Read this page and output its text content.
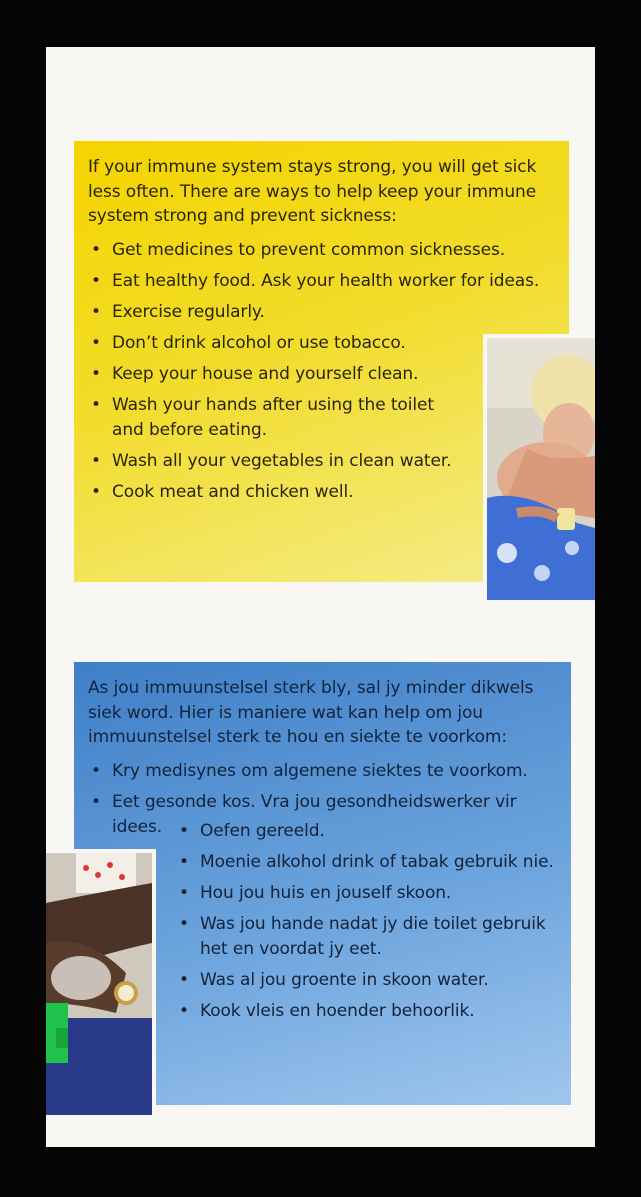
If your immune system stays strong, you will get sick less often. There are ways to help keep your immune system strong and prevent sickness:
• Get medicines to prevent common sicknesses.
• Eat healthy food. Ask your health worker for ideas.
• Exercise regularly.
• Don’t drink alcohol or use tobacco.
• Keep your house and yourself clean.
• Wash your hands after using the toilet and before eating.
• Wash all your vegetables in clean water.
• Cook meat and chicken well.
As jou immuunstelsel sterk bly, sal jy minder dikwels siek word. Hier is maniere wat kan help om jou immuunstelsel sterk te hou en siekte te voorkom:
• Kry medisynes om algemene siektes te voorkom.
• Eet gesonde kos. Vra jou gesondheidswerker vir idees.
•	Oefen gereeld.
• Moenie alkohol drink of tabak gebruik nie.
• Hou jou huis en jouself skoon.
• Was jou hande nadat jy die toilet gebruik het en voordat jy eet.
• Was al jou groente in skoon water.
• Kook vleis en hoender behoorlik.
